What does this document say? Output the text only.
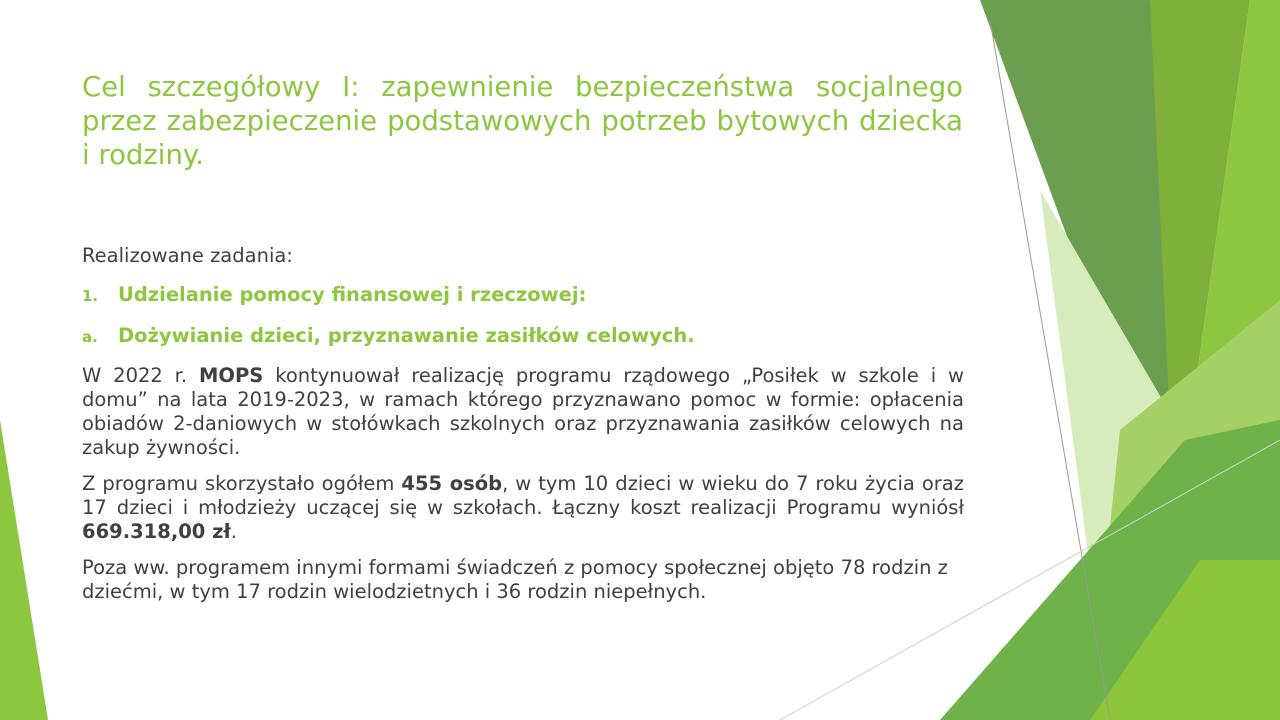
Cel szczegółowy I: zapewnienie bezpieczeństwa socjalnego przez zabezpieczenie podstawowych potrzeb bytowych dziecka i rodziny.

Realizowane zadania:

1.	Udzielanie pomocy finansowej i rzeczowej:
a.	Dożywianie dzieci, przyznawanie zasiłków celowych.

W 2022 r. MOPS kontynuował realizację programu rządowego „Posiłek w szkole i w domu” na lata 2019-2023, w ramach którego przyznawano pomoc w formie: opłacenia obiadów 2-daniowych w stołówkach szkolnych oraz przyznawania zasiłków celowych na zakup żywności.

Z programu skorzystało ogółem 455 osób, w tym 10 dzieci w wieku do 7 roku życia oraz 17 dzieci i młodzieży uczącej się w szkołach. Łączny koszt realizacji Programu wyniósł 669.318,00 zł.

Poza ww. programem innymi formami świadczeń z pomocy społecznej objęto 78 rodzin z dziećmi, w tym 17 rodzin wielodzietnych i 36 rodzin niepełnych.
